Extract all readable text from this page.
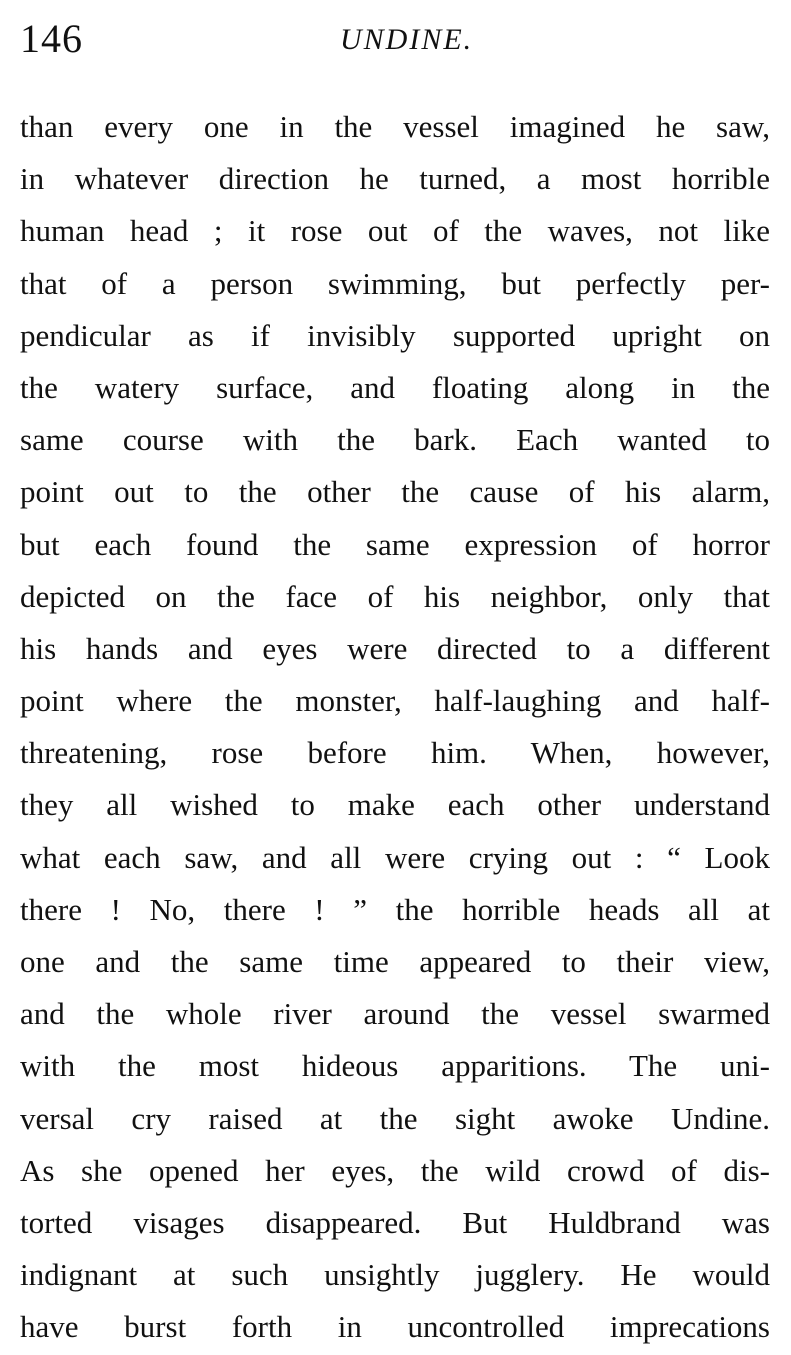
146	UNDINE.
than every one in the vessel imagined he saw,
in whatever direction he turned, a most horrible
human head ; it rose out of the waves, not like
that of a person swimming, but perfectly per-
pendicular as if invisibly supported upright on
the watery surface, and floating along in the
same course with the bark. Each wanted to
point out to the other the cause of his alarm,
but each found the same expression of horror
depicted on the face of his neighbor, only that
his hands and eyes were directed to a different
point where the monster, half-laughing and half-
threatening, rose before him. When, however,
they all wished to make each other understand
what each saw, and all were crying out : “ Look
there ! No, there ! ” the horrible heads all at
one and the same time appeared to their view,
and the whole river around the vessel swarmed
with the most hideous apparitions. The uni-
versal cry raised at the sight awoke Undine.
As she opened her eyes, the wild crowd of dis-
torted visages disappeared. But Huldbrand was
indignant at such unsightly jugglery. He would
have burst forth in uncontrolled imprecations
